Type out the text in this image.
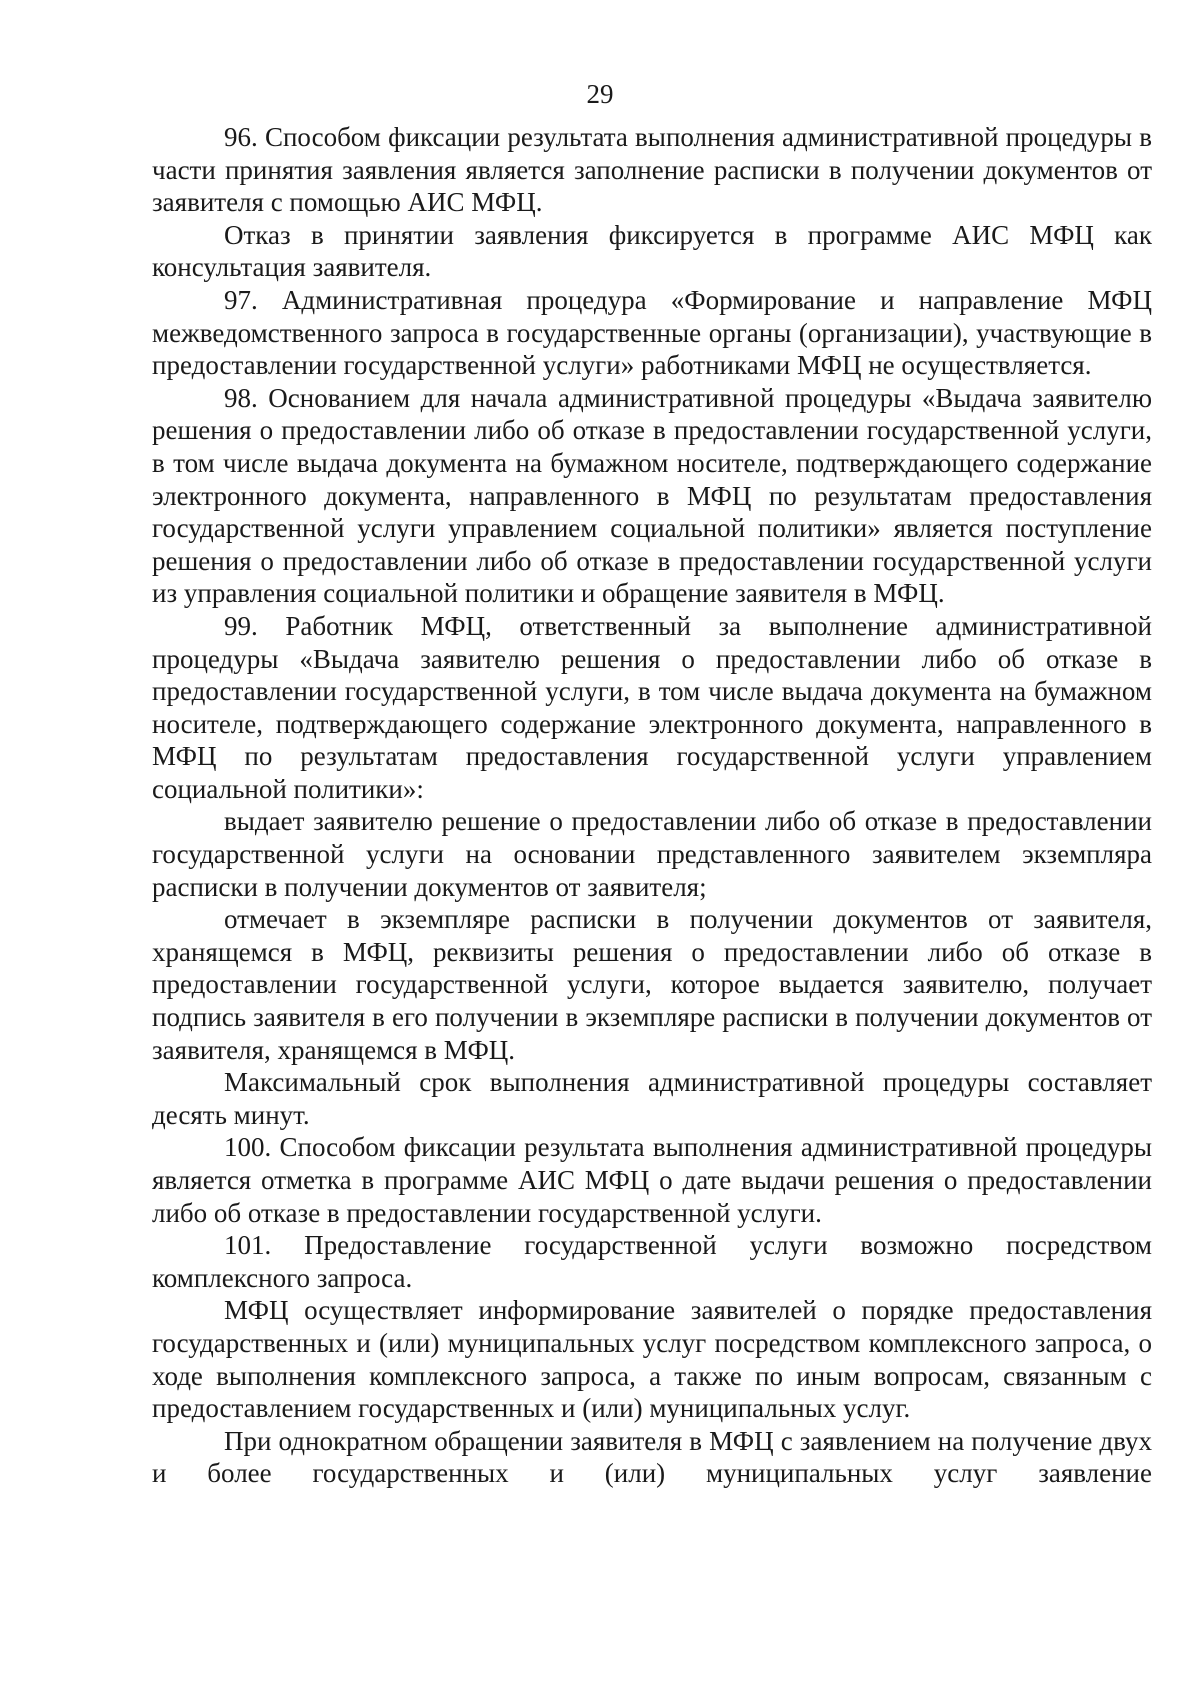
29

96. Способом фиксации результата выполнения административной процедуры в части принятия заявления является заполнение расписки в получении документов от заявителя с помощью АИС МФЦ.

Отказ в принятии заявления фиксируется в программе АИС МФЦ как консультация заявителя.

97. Административная процедура «Формирование и направление МФЦ межведомственного запроса в государственные органы (организации), участвующие в предоставлении государственной услуги» работниками МФЦ не осуществляется.

98. Основанием для начала административной процедуры «Выдача заявителю решения о предоставлении либо об отказе в предоставлении государственной услуги, в том числе выдача документа на бумажном носителе, подтверждающего содержание электронного документа, направленного в МФЦ по результатам предоставления государственной услуги управлением социальной политики» является поступление решения о предоставлении либо об отказе в предоставлении государственной услуги из управления социальной политики и обращение заявителя в МФЦ.

99. Работник МФЦ, ответственный за выполнение административной процедуры «Выдача заявителю решения о предоставлении либо об отказе в предоставлении государственной услуги, в том числе выдача документа на бумажном носителе, подтверждающего содержание электронного документа, направленного в МФЦ по результатам предоставления государственной услуги управлением социальной политики»:

выдает заявителю решение о предоставлении либо об отказе в предоставлении государственной услуги на основании представленного заявителем экземпляра расписки в получении документов от заявителя;

отмечает в экземпляре расписки в получении документов от заявителя, хранящемся в МФЦ, реквизиты решения о предоставлении либо об отказе в предоставлении государственной услуги, которое выдается заявителю, получает подпись заявителя в его получении в экземпляре расписки в получении документов от заявителя, хранящемся в МФЦ.

Максимальный срок выполнения административной процедуры составляет десять минут.

100. Способом фиксации результата выполнения административной процедуры является отметка в программе АИС МФЦ о дате выдачи решения о предоставлении либо об отказе в предоставлении государственной услуги.

101. Предоставление государственной услуги возможно посредством комплексного запроса.

МФЦ осуществляет информирование заявителей о порядке предоставления государственных и (или) муниципальных услуг посредством комплексного запроса, о ходе выполнения комплексного запроса, а также по иным вопросам, связанным с предоставлением государственных и (или) муниципальных услуг.

При однократном обращении заявителя в МФЦ с заявлением на получение двух и более государственных и (или) муниципальных услуг заявление
